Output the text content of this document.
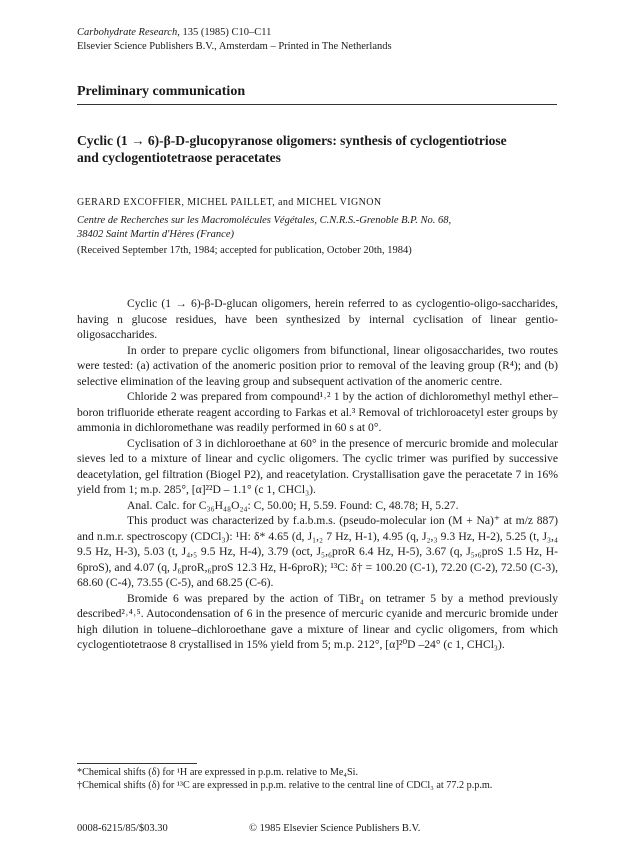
Carbohydrate Research, 135 (1985) C10–C11
Elsevier Science Publishers B.V., Amsterdam – Printed in The Netherlands
Preliminary communication
Cyclic (1 → 6)-β-D-glucopyranose oligomers: synthesis of cyclogentiotriose
and cyclogentiotetraose peracetates
GERARD EXCOFFIER, MICHEL PAILLET, and MICHEL VIGNON
Centre de Recherches sur les Macromolécules Végétales, C.N.R.S.-Grenoble B.P. No. 68,
38402 Saint Martin d'Hères (France)
(Received September 17th, 1984; accepted for publication, October 20th, 1984)

Cyclic (1 → 6)-β-D-glucan oligomers, herein referred to as cyclogentio-oligo-saccharides, having n glucose residues, have been synthesized by internal cyclisation of linear gentio-oligosaccharides.

In order to prepare cyclic oligomers from bifunctional, linear oligosaccharides, two routes were tested: (a) activation of the anomeric position prior to removal of the leaving group (R⁴); and (b) selective elimination of the leaving group and subsequent activation of the anomeric centre.

Chloride 2 was prepared from compound¹˒² 1 by the action of dichloromethyl methyl ether–boron trifluoride etherate reagent according to Farkas et al.³ Removal of trichloroacetyl ester groups by ammonia in dichloromethane was readily performed in 60 s at 0°.

Cyclisation of 3 in dichloroethane at 60° in the presence of mercuric bromide and molecular sieves led to a mixture of linear and cyclic oligomers. The cyclic trimer was purified by successive deacetylation, gel filtration (Biogel P2), and reacetylation. Crystallisation gave the peracetate 7 in 16% yield from 1; m.p. 285°, [α]²²D – 1.1° (c 1, CHCl₃).

Anal. Calc. for C₃₆H₄₈O₂₄: C, 50.00; H, 5.59. Found: C, 48.78; H, 5.27.

This product was characterized by f.a.b.m.s. (pseudo-molecular ion (M + Na)⁺ at m/z 887) and n.m.r. spectroscopy (CDCl₃): ¹H: δ* 4.65 (d, J₁,₂ 7 Hz, H-1), 4.95 (q, J₂,₃ 9.3 Hz, H-2), 5.25 (t, J₃,₄ 9.5 Hz, H-3), 5.03 (t, J₄,₅ 9.5 Hz, H-4), 3.79 (oct, J₅,₆proR 6.4 Hz, H-5), 3.67 (q, J₅,₆proS 1.5 Hz, H-6proS), and 4.07 (q, J₆proR,₆proS 12.3 Hz, H-6proR); ¹³C: δ† = 100.20 (C-1), 72.20 (C-2), 72.50 (C-3), 68.60 (C-4), 73.55 (C-5), and 68.25 (C-6).

Bromide 6 was prepared by the action of TiBr₄ on tetramer 5 by a method previously described²˒⁴˒⁵. Autocondensation of 6 in the presence of mercuric cyanide and mercuric bromide under high dilution in toluene–dichloroethane gave a mixture of linear and cyclic oligomers, from which cyclogentiotetraose 8 crystallised in 15% yield from 5; m.p. 212°, [α]²⁰D –24° (c 1, CHCl₃).

*Chemical shifts (δ) for ¹H are expressed in p.p.m. relative to Me₄Si.

†Chemical shifts (δ) for ¹³C are expressed in p.p.m. relative to the central line of CDCl₃ at 77.2 p.p.m.

0008-6215/85/$03.30	© 1985 Elsevier Science Publishers B.V.
